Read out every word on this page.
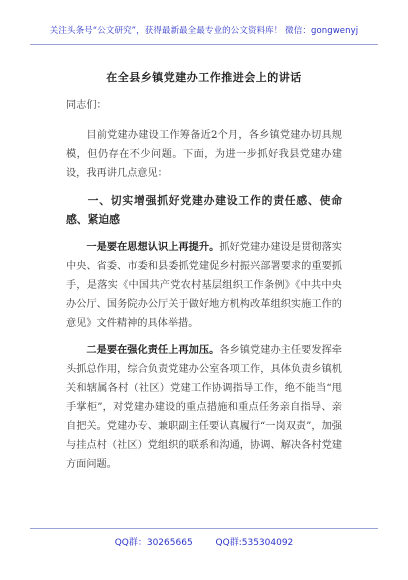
关注头条号“公文研究”，获得最新最全最专业的公文资料库！ 微信：gongwenyj
在全县乡镇党建办工作推进会上的讲话

同志们：

目前党建办建设工作筹备近2个月，各乡镇党建办切具规模，但仍存在不少问题。下面，为进一步抓好我县党建办建设，我再讲几点意见：

一、切实增强抓好党建办建设工作的责任感、使命感、紧迫感

一是要在思想认识上再提升。抓好党建办建设是贯彻落实中央、省委、市委和县委抓党建促乡村振兴部署要求的重要抓手，是落实《中国共产党农村基层组织工作条例》《中共中央办公厅、国务院办公厅关于做好地方机构改革组织实施工作的意见》文件精神的具体举措。

二是要在强化责任上再加压。各乡镇党建办主任要发挥牵头抓总作用，综合负责党建办公室各项工作，具体负责乡镇机关和辖属各村（社区）党建工作协调指导工作，绝不能当“甩手掌柜”，对党建办建设的重点措施和重点任务亲自指导、亲自把关。党建办专、兼职副主任要认真履行“一岗双责”，加强与挂点村（社区）党组织的联系和沟通，协调、解决各村党建方面问题。

QQ群：30265665	QQ群:535304092
